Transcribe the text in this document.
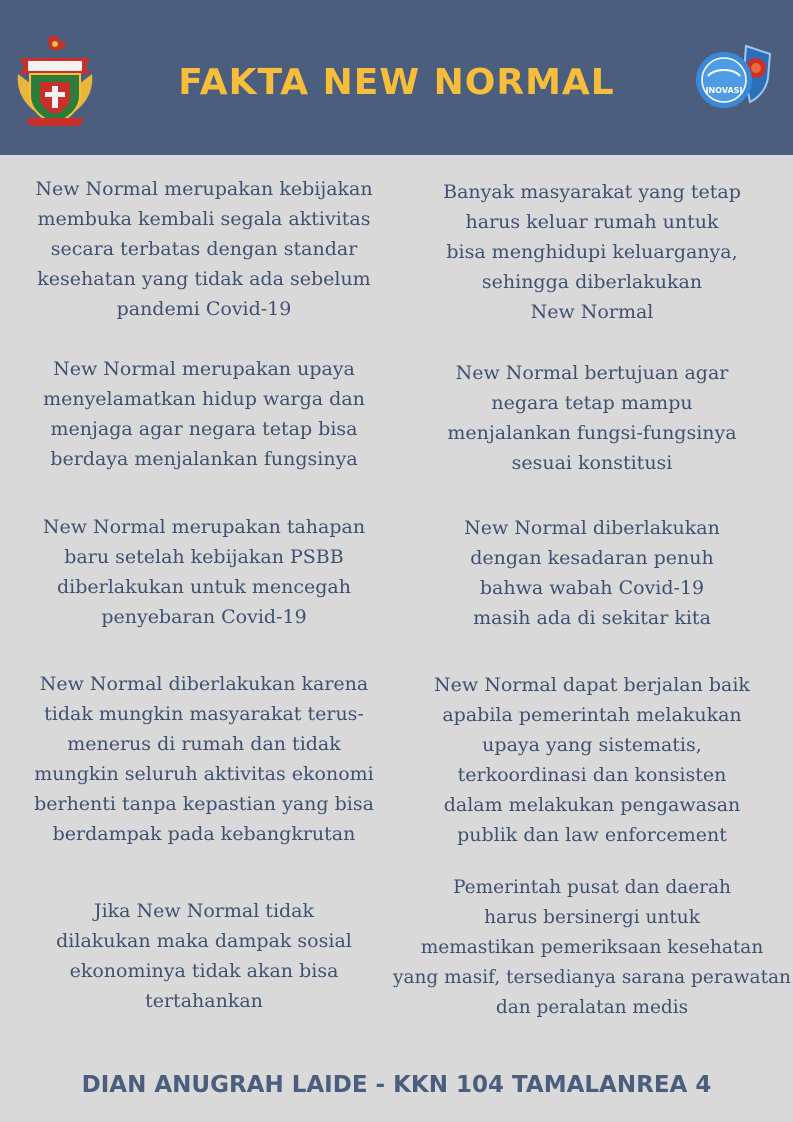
FAKTA NEW NORMAL	INOVASI
New Normal merupakan kebijakan
membuka kembali segala aktivitas
secara terbatas dengan standar
kesehatan yang tidak ada sebelum
pandemi Covid-19
New Normal merupakan upaya
menyelamatkan hidup warga dan
menjaga agar negara tetap bisa
berdaya menjalankan fungsinya
New Normal merupakan tahapan
baru setelah kebijakan PSBB
diberlakukan untuk mencegah
penyebaran Covid-19
New Normal diberlakukan karena
tidak mungkin masyarakat terus-
menerus di rumah dan tidak
mungkin seluruh aktivitas ekonomi
berhenti tanpa kepastian yang bisa
berdampak pada kebangkrutan
Jika New Normal tidak
dilakukan maka dampak sosial
ekonominya tidak akan bisa
tertahankan
Banyak masyarakat yang tetap
harus keluar rumah untuk
bisa menghidupi keluarganya,
sehingga diberlakukan
New Normal
New Normal bertujuan agar
negara tetap mampu
menjalankan fungsi-fungsinya
sesuai konstitusi
New Normal diberlakukan
dengan kesadaran penuh
bahwa wabah Covid-19
masih ada di sekitar kita
New Normal dapat berjalan baik
apabila pemerintah melakukan
upaya yang sistematis,
terkoordinasi dan konsisten
dalam melakukan pengawasan
publik dan law enforcement
Pemerintah pusat dan daerah
harus bersinergi untuk
memastikan pemeriksaan kesehatan
yang masif, tersedianya sarana perawatan
dan peralatan medis
DIAN ANUGRAH LAIDE - KKN 104 TAMALANREA 4
